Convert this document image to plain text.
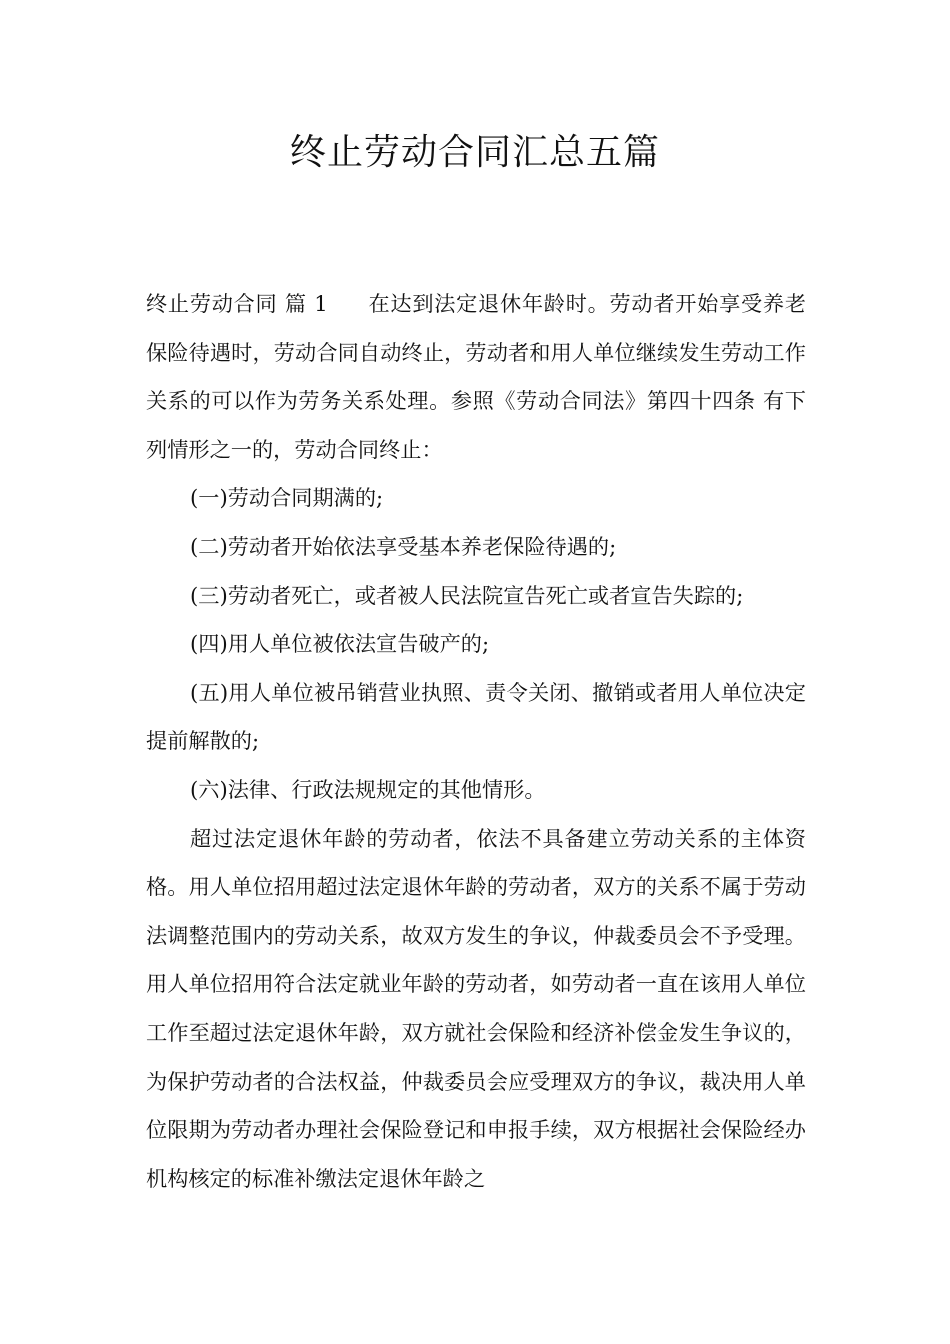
终止劳动合同汇总五篇

终止劳动合同 篇 1 在达到法定退休年龄时。劳动者开始享受养老保险待遇时，劳动合同自动终止，劳动者和用人单位继续发生劳动工作关系的可以作为劳务关系处理。参照《劳动合同法》第四十四条 有下列情形之一的，劳动合同终止：

(一)劳动合同期满的;

(二)劳动者开始依法享受基本养老保险待遇的;

(三)劳动者死亡，或者被人民法院宣告死亡或者宣告失踪的;

(四)用人单位被依法宣告破产的;

(五)用人单位被吊销营业执照、责令关闭、撤销或者用人单位决定提前解散的;

(六)法律、行政法规规定的其他情形。

超过法定退休年龄的劳动者，依法不具备建立劳动关系的主体资格。用人单位招用超过法定退休年龄的劳动者，双方的关系不属于劳动法调整范围内的劳动关系，故双方发生的争议，仲裁委员会不予受理。用人单位招用符合法定就业年龄的劳动者，如劳动者一直在该用人单位工作至超过法定退休年龄，双方就社会保险和经济补偿金发生争议的，为保护劳动者的合法权益，仲裁委员会应受理双方的争议，裁决用人单位限期为劳动者办理社会保险登记和申报手续，双方根据社会保险经办机构核定的标准补缴法定退休年龄之
